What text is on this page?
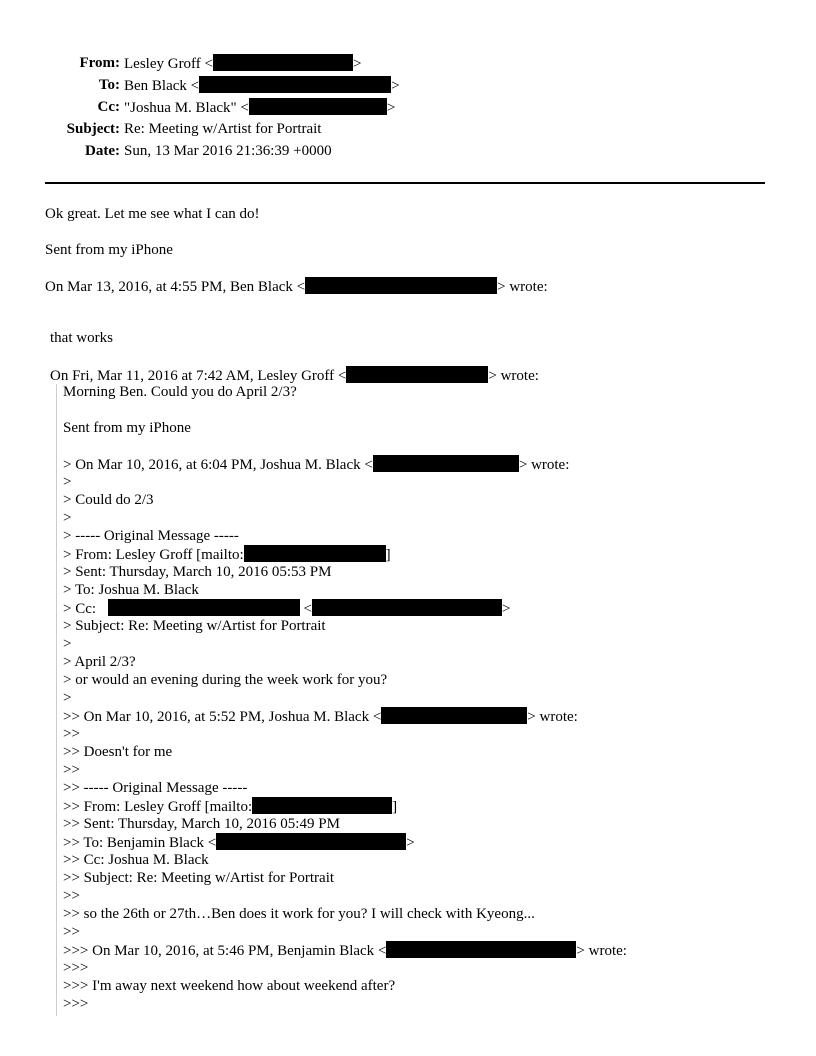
From: Lesley Groff <	>
To: Ben Black <	>
Cc: "Joshua M. Black" <	>
Subject: Re: Meeting w/Artist for Portrait
Date: Sun, 13 Mar 2016 21:36:39 +0000
Ok great. Let me see what I can do!
Sent from my iPhone
On Mar 13, 2016, at 4:55 PM, Ben Black <	> wrote:
that works
On Fri, Mar 11, 2016 at 7:42 AM, Lesley Groff <	> wrote:
Morning Ben. Could you do April 2/3?
Sent from my iPhone
> On Mar 10, 2016, at 6:04 PM, Joshua M. Black <	> wrote:
>
> Could do 2/3
>
> ----- Original Message -----
> From: Lesley Groff [mailto:	]
> Sent: Thursday, March 10, 2016 05:53 PM
> To: Joshua M. Black
> Cc:	<	>
> Subject: Re: Meeting w/Artist for Portrait
>
> April 2/3?
> or would an evening during the week work for you?
>
>> On Mar 10, 2016, at 5:52 PM, Joshua M. Black <	> wrote:
>>
>> Doesn't for me
>>
>> ----- Original Message -----
>> From: Lesley Groff [mailto:	]
>> Sent: Thursday, March 10, 2016 05:49 PM
>> To: Benjamin Black <	>
>> Cc: Joshua M. Black
>> Subject: Re: Meeting w/Artist for Portrait
>>
>> so the 26th or 27th…Ben does it work for you? I will check with Kyeong...
>>
>>> On Mar 10, 2016, at 5:46 PM, Benjamin Black <	> wrote:
>>>
>>> I'm away next weekend how about weekend after?
>>>
